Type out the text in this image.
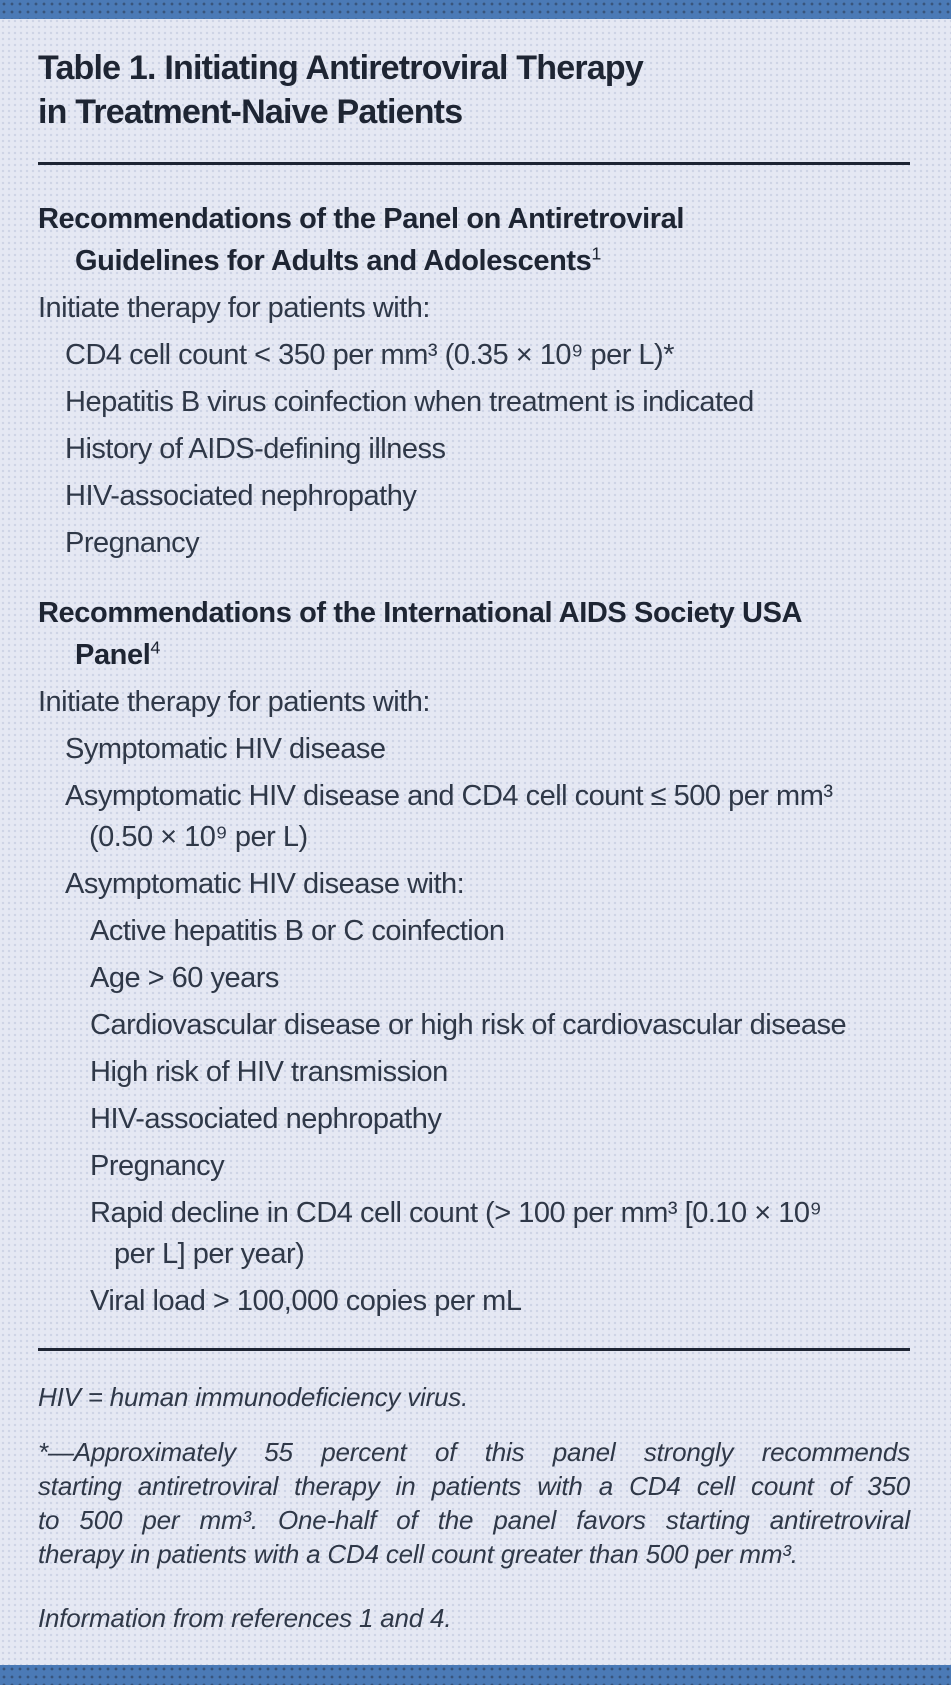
Table 1. Initiating Antiretroviral Therapy
in Treatment-Naive Patients
Recommendations of the Panel on Antiretroviral
Guidelines for Adults and Adolescents$^1$
Initiate therapy for patients with:
CD4 cell count < 350 per mm³ (0.35 × 10⁹ per L)*
Hepatitis B virus coinfection when treatment is indicated
History of AIDS-defining illness
HIV-associated nephropathy
Pregnancy
Recommendations of the International AIDS Society USA
Panel$^4$
Initiate therapy for patients with:
Symptomatic HIV disease
Asymptomatic HIV disease and CD4 cell count ≤ 500 per mm³
(0.50 × 10⁹ per L)
Asymptomatic HIV disease with:
Active hepatitis B or C coinfection
Age > 60 years
Cardiovascular disease or high risk of cardiovascular disease
High risk of HIV transmission
HIV-associated nephropathy
Pregnancy
Rapid decline in CD4 cell count (> 100 per mm³ [0.10 × 10⁹
per L] per year)
Viral load > 100,000 copies per mL
HIV = human immunodeficiency virus.
*—Approximately 55 percent of this panel strongly recommends
starting antiretroviral therapy in patients with a CD4 cell count of 350
to 500 per mm³. One-half of the panel favors starting antiretroviral
therapy in patients with a CD4 cell count greater than 500 per mm³.
Information from references 1 and 4.
